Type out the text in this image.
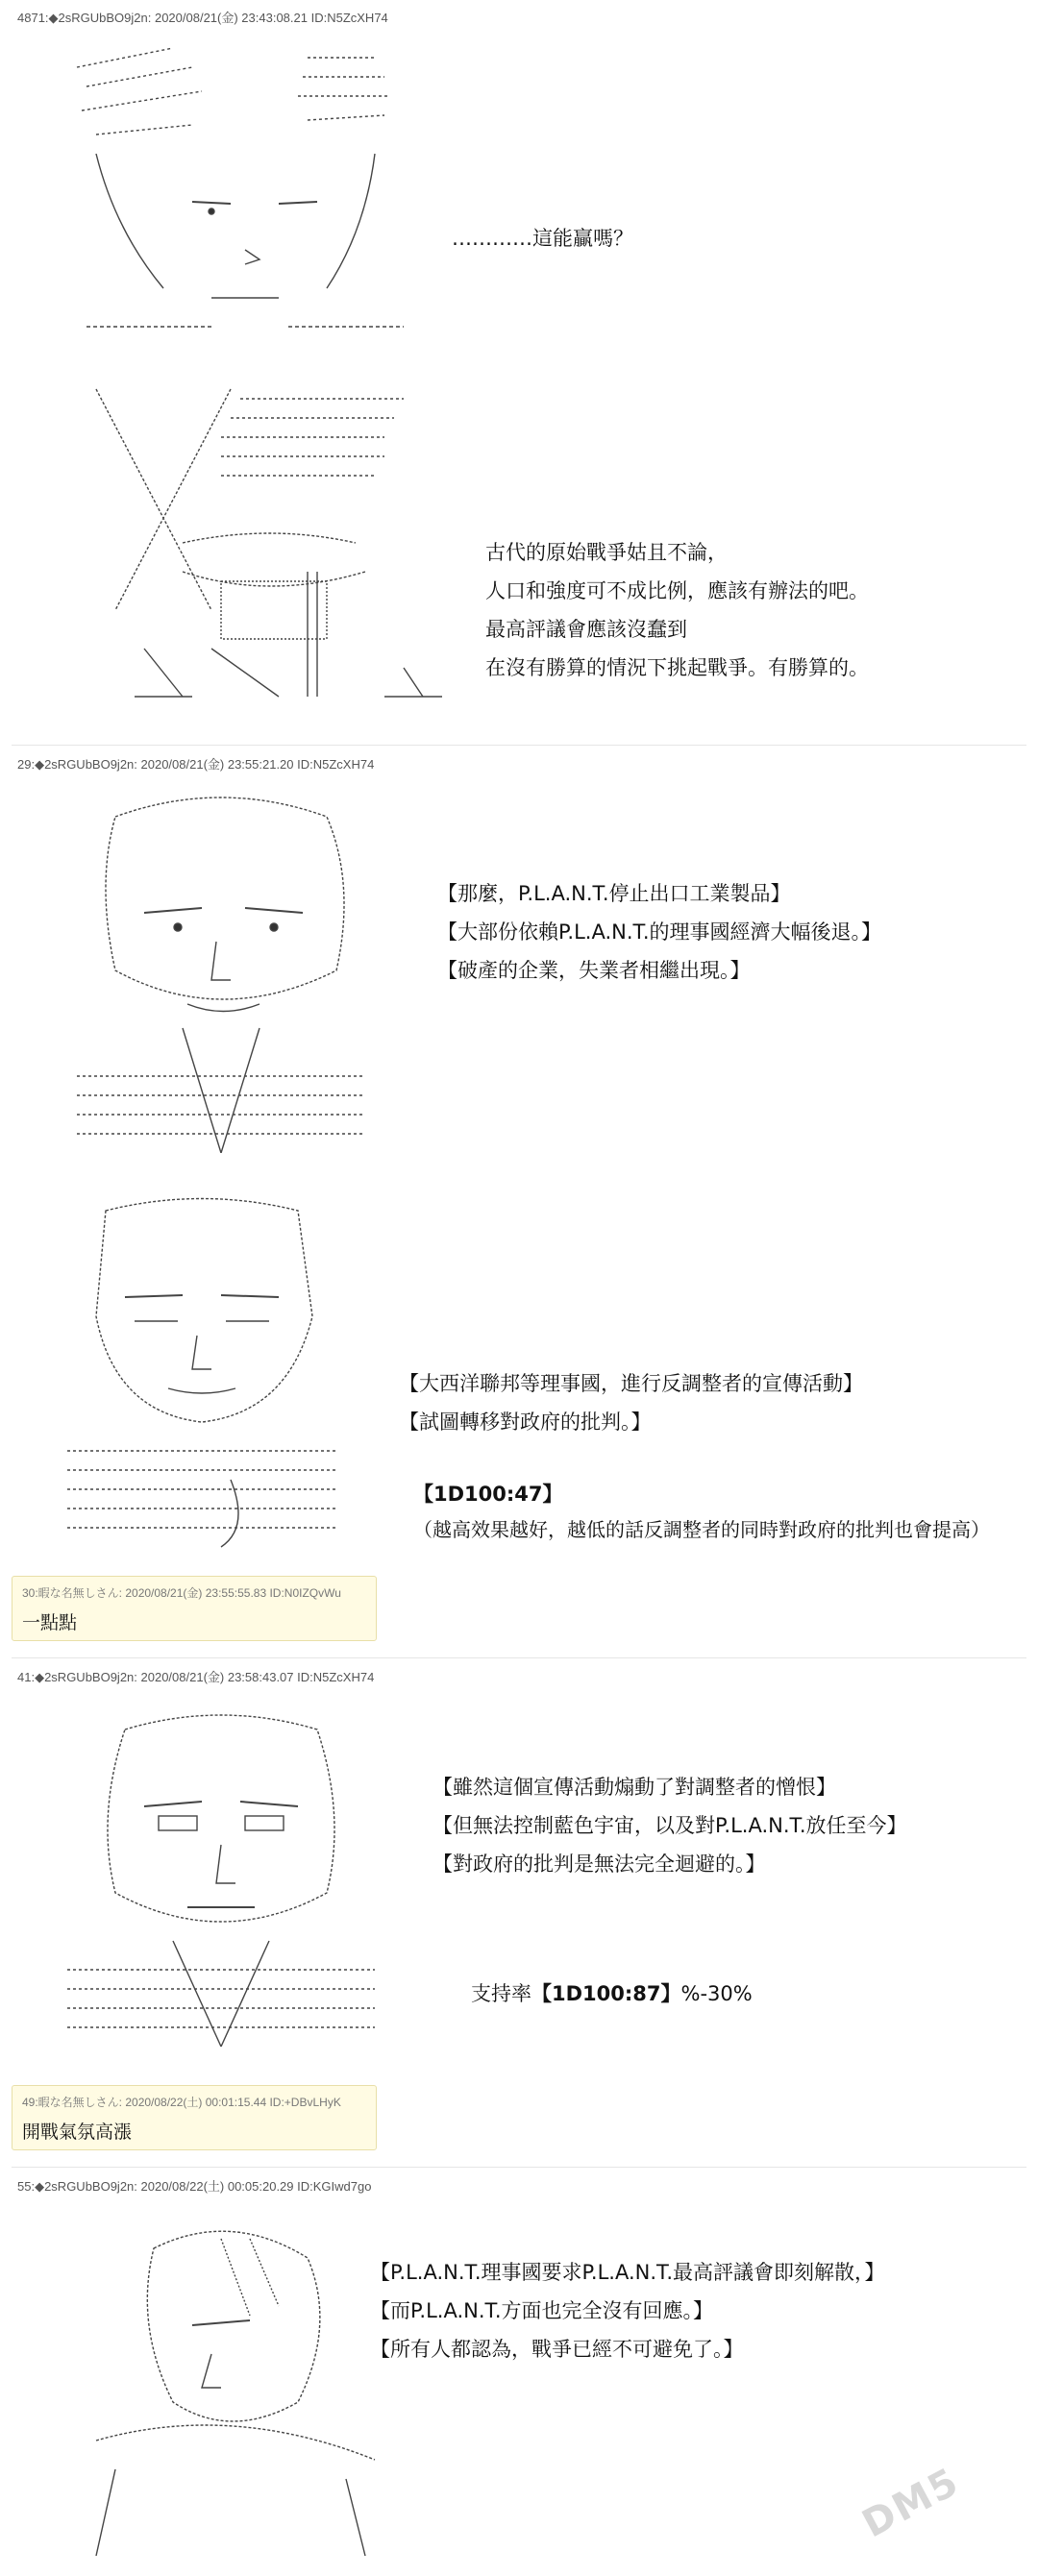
4871:◆2sRGUbBO9j2n: 2020/08/21(金) 23:43:08.21 ID:N5ZcXH74
…………這能贏嗎？
古代的原始戰爭姑且不論，
人口和強度可不成比例，應該有辦法的吧。
最高評議會應該沒蠢到
在沒有勝算的情況下挑起戰爭。有勝算的。
29:◆2sRGUbBO9j2n: 2020/08/21(金) 23:55:21.20 ID:N5ZcXH74
【那麼，P.L.A.N.T.停止出口工業製品】
【大部份依賴P.L.A.N.T.的理事國經濟大幅後退。】
【破產的企業，失業者相繼出現。】
【大西洋聯邦等理事國，進行反調整者的宣傳活動】
【試圖轉移對政府的批判。】
【1D100:47】
（越高效果越好，越低的話反調整者的同時對政府的批判也會提高）
30:暇な名無しさん: 2020/08/21(金) 23:55:55.83 ID:N0IZQvWu
一點點
41:◆2sRGUbBO9j2n: 2020/08/21(金) 23:58:43.07 ID:N5ZcXH74
【雖然這個宣傳活動煽動了對調整者的憎恨】
【但無法控制藍色宇宙，以及對P.L.A.N.T.放任至今】
【對政府的批判是無法完全迴避的。】
支持率【1D100:87】%-30%
49:暇な名無しさん: 2020/08/22(土) 00:01:15.44 ID:+DBvLHyK
開戰氣氛高漲
55:◆2sRGUbBO9j2n: 2020/08/22(土) 00:05:20.29 ID:KGIwd7go
【P.L.A.N.T.理事國要求P.L.A.N.T.最高評議會即刻解散，】
【而P.L.A.N.T.方面也完全沒有回應。】
【所有人都認為，戰爭已經不可避免了。】
DM5
